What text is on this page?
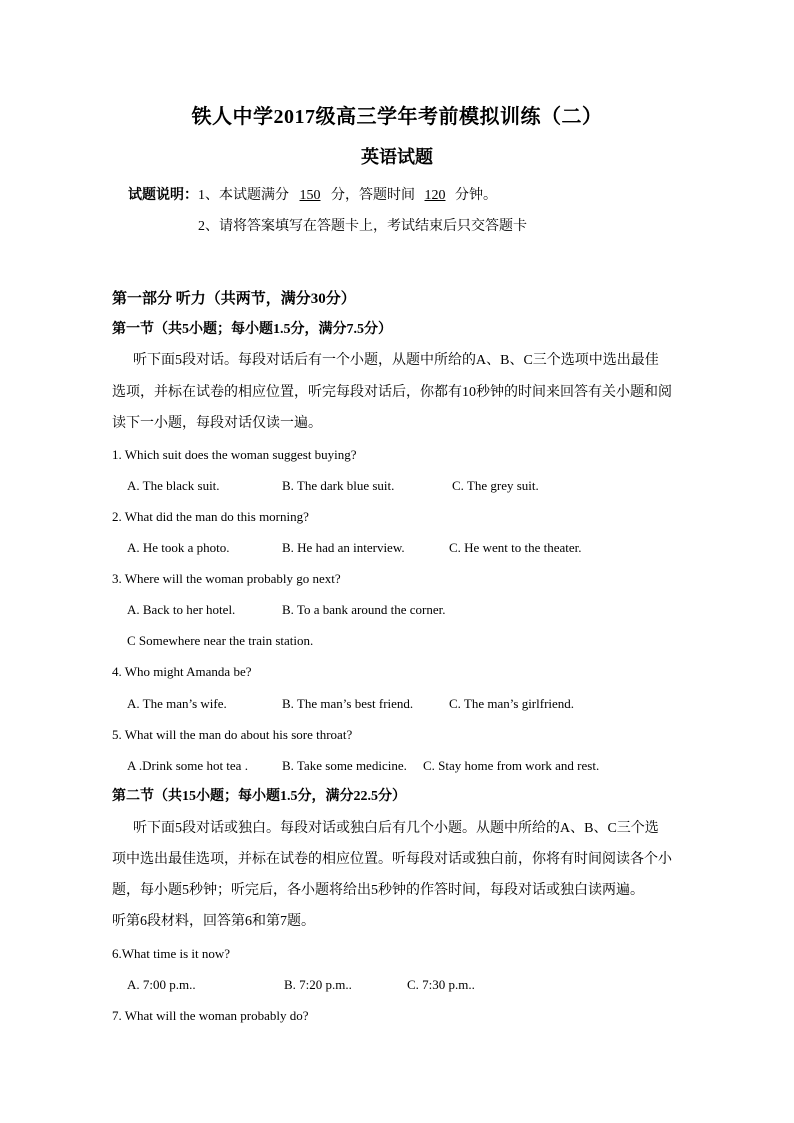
铁人中学2017级高三学年考前模拟训练（二）
英语试题
试题说明：1、本试题满分 150 分，答题时间 120 分钟。
2、请将答案填写在答题卡上，考试结束后只交答题卡
第一部分 听力（共两节，满分30分）
第一节（共5小题；每小题1.5分，满分7.5分）
听下面5段对话。每段对话后有一个小题，从题中所给的A、B、C三个选项中选出最佳
选项，并标在试卷的相应位置，听完每段对话后，你都有10秒钟的时间来回答有关小题和阅
读下一小题，每段对话仅读一遍。
1. Which suit does the woman suggest buying?
A. The black suit.	B. The dark blue suit.	C. The grey suit.
2. What did the man do this morning?
A. He took a photo.	B. He had an interview.	C. He went to the theater.
3. Where will the woman probably go next?
A. Back to her hotel.	B. To a bank around the corner.
C Somewhere near the train station.
4. Who might Amanda be?
A. The man’s wife.	B. The man’s best friend.	C. The man’s girlfriend.
5. What will the man do about his sore throat?
A .Drink some hot tea .	B. Take some medicine. C. Stay home from work and rest.
第二节（共15小题；每小题1.5分，满分22.5分）
听下面5段对话或独白。每段对话或独白后有几个小题。从题中所给的A、B、C三个选
项中选出最佳选项，并标在试卷的相应位置。听每段对话或独白前，你将有时间阅读各个小
题，每小题5秒钟；听完后，各小题将给出5秒钟的作答时间，每段对话或独白读两遍。
听第6段材料，回答第6和第7题。
6.What time is it now?
A. 7:00 p.m..	B. 7:20 p.m..	C. 7:30 p.m..
7. What will the woman probably do?
